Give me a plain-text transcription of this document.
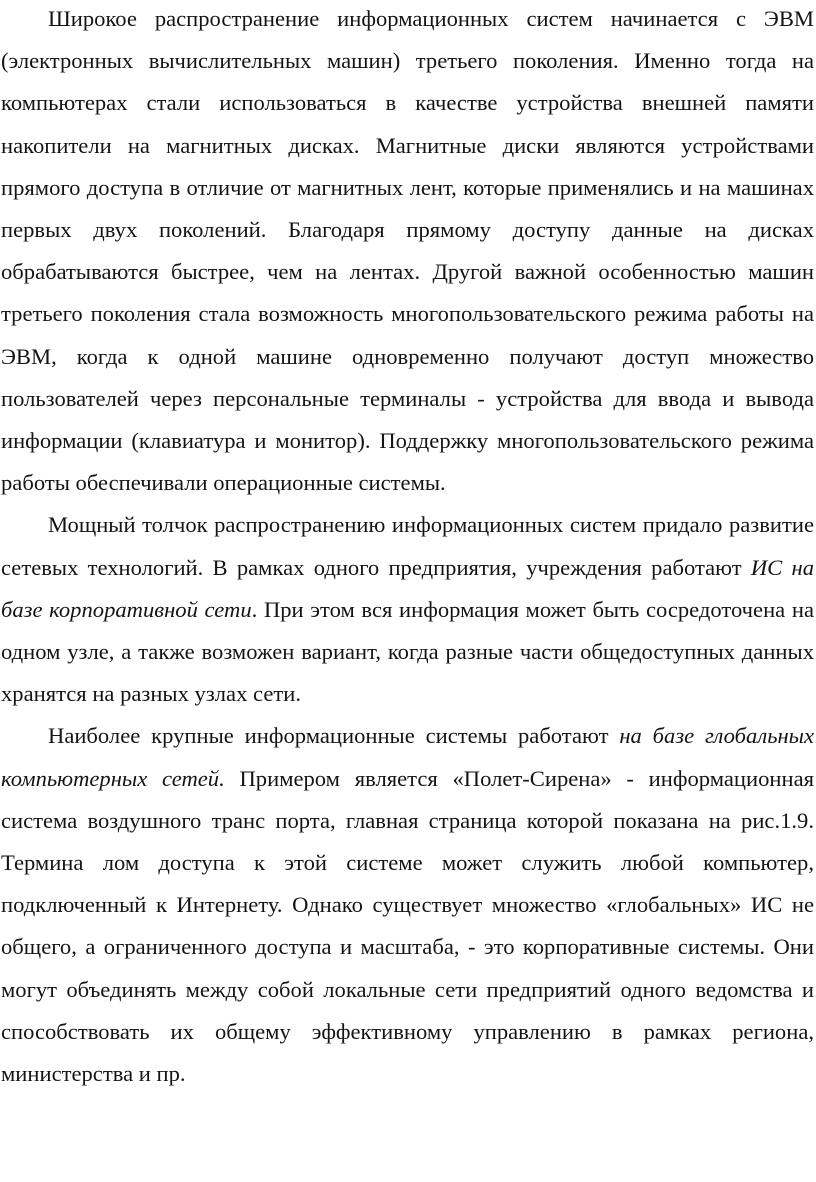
Широкое распространение информационных систем начинается с ЭВМ (электронных вычислительных машин) третьего поколения. Именно тогда на компьютерах стали использоваться в качестве устройства внешней памяти накопители на магнитных дисках. Магнитные диски являются устройствами прямого доступа в отличие от магнитных лент, которые применялись и на машинах первых двух поколений. Благодаря прямому доступу данные на дисках обрабатываются быстрее, чем на лентах. Другой важной особенностью машин третьего поколения стала возможность многопользовательского режима работы на ЭВМ, когда к одной машине одновременно получают доступ множество пользователей через персональные терминалы - устройства для ввода и вывода информации (клавиатура и монитор). Поддержку многопользовательского режима работы обеспечивали операционные системы.

Мощный толчок распространению информационных систем придало развитие сетевых технологий. В рамках одного предприятия, учреждения работают ИС на базе корпоративной сети. При этом вся информация может быть сосредоточена на одном узле, а также возможен вариант, когда разные части общедоступных данных хранятся на разных узлах сети.

Наиболее крупные информационные системы работают на базе глобальных компьютерных сетей. Примером является «Полет-Сирена» - информационная система воздушного транс порта, главная страница которой показана на рис.1.9. Термина лом доступа к этой системе может служить любой компьютер, подключенный к Интернету. Однако существует множество «глобальных» ИС не общего, а ограниченного доступа и масштаба, - это корпоративные системы. Они могут объединять между собой локальные сети предприятий одного ведомства и способствовать их общему эффективному управлению в рамках региона, министерства и пр.
